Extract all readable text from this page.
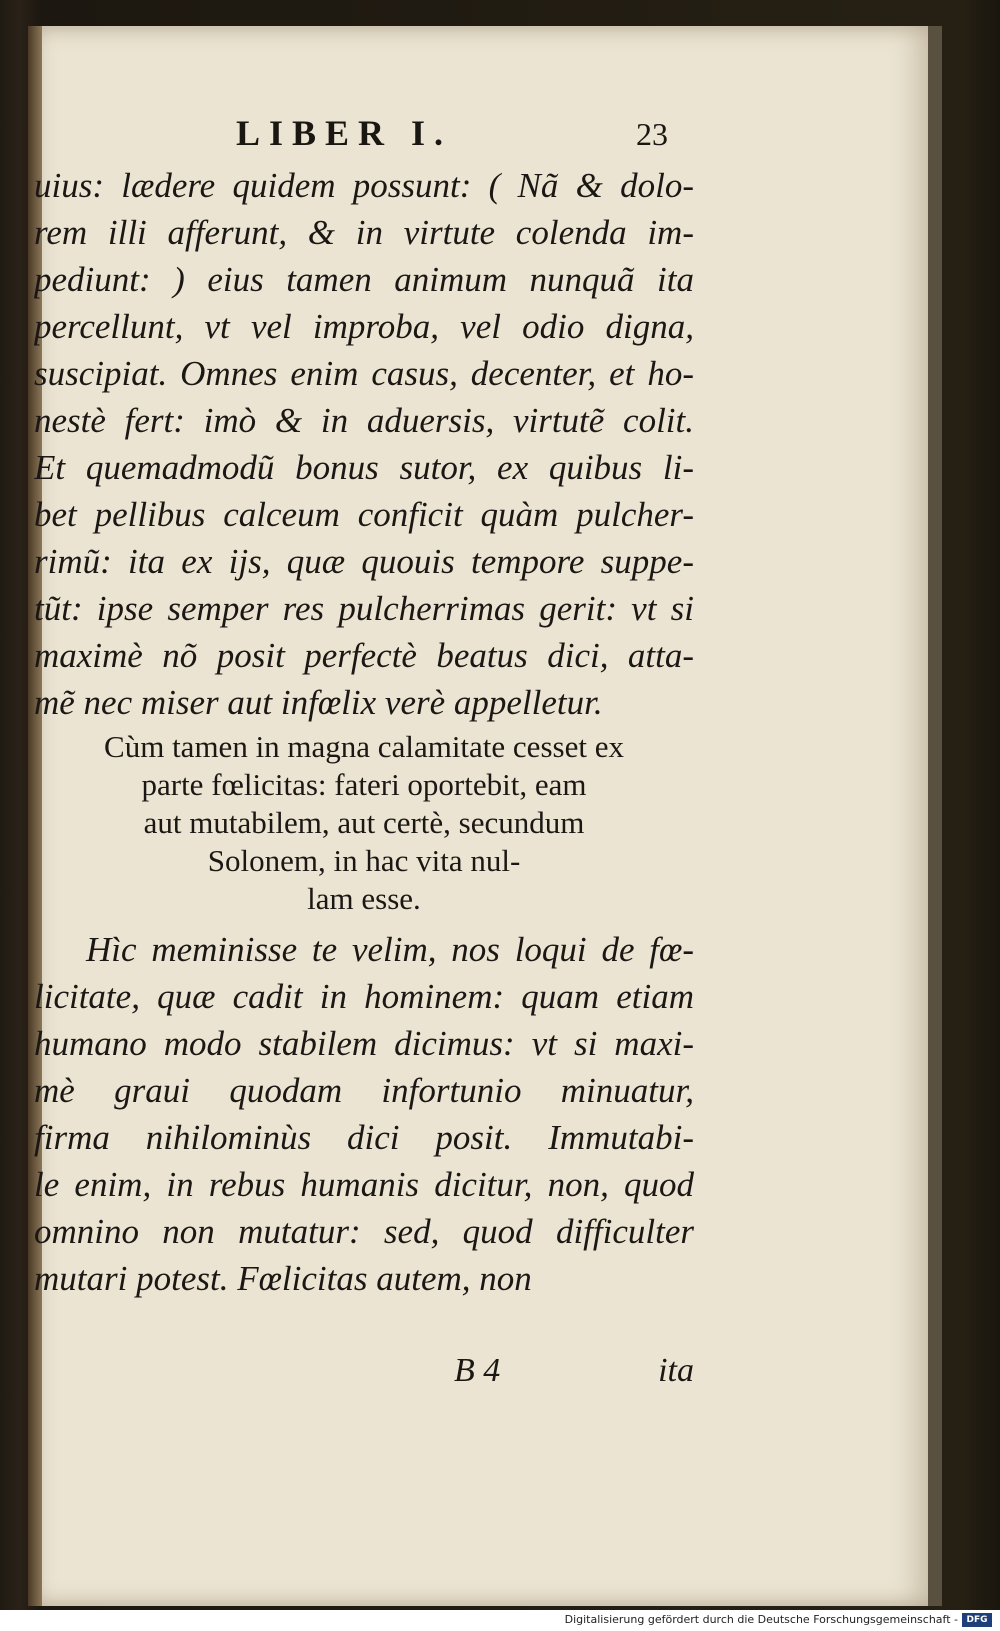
LIBER I.	23
uius: lædere quidem possunt: ( Nã & dolo-
rem illi afferunt, & in virtute colenda im-
pediunt: ) eius tamen animum nunquã ita
percellunt, vt vel improba, vel odio digna,
suscipiat. Omnes enim casus, decenter, et ho-
nestè fert: imò & in aduersis, virtutẽ colit.
Et quemadmodũ bonus sutor, ex quibus li-
bet pellibus calceum conficit quàm pulcher-
rimũ: ita ex ijs, quæ quouis tempore suppe-
tũt: ipse semper res pulcherrimas gerit: vt si
maximè nõ posit perfectè beatus dici, atta-
mẽ nec miser aut infœlix verè appelletur.
Cùm tamen in magna calamitate cesset ex
parte fœlicitas: fateri oportebit, eam
aut mutabilem, aut certè, secundum
Solonem, in hac vita nul-
lam esse.
Hìc meminisse te velim, nos loqui de fœ-
licitate, quæ cadit in hominem: quam etiam
humano modo stabilem dicimus: vt si maxi-
mè graui quodam infortunio minuatur,
firma nihilominùs dici posit. Immutabi-
le enim, in rebus humanis dicitur, non, quod
omnino non mutatur: sed, quod difficulter
mutari potest. Fœlicitas autem, non
B 4	ita
Digitalisierung gefördert durch die Deutsche Forschungsgemeinschaft - DFG
